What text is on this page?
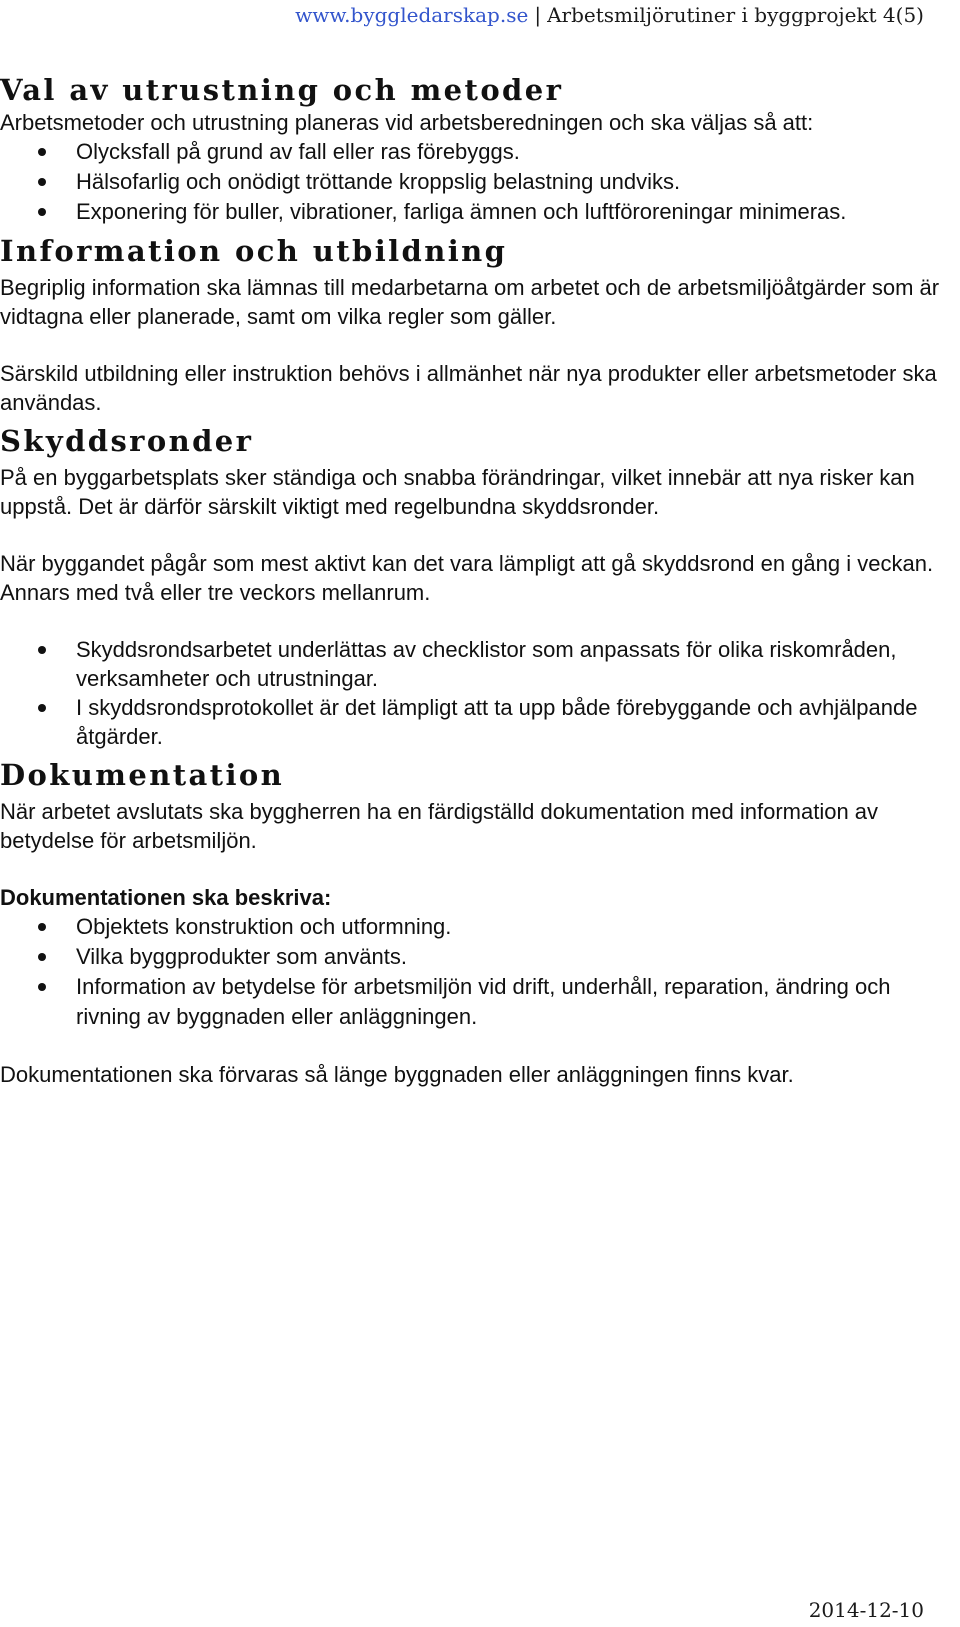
www.byggledarskap.se | Arbetsmiljörutiner i byggprojekt 4(5)
Val av utrustning och metoder

Arbetsmetoder och utrustning planeras vid arbetsberedningen och ska väljas så att:

Olycksfall på grund av fall eller ras förebyggs.
Hälsofarlig och onödigt tröttande kroppslig belastning undviks.
Exponering för buller, vibrationer, farliga ämnen och luftföroreningar minimeras.
Information och utbildning

Begriplig information ska lämnas till medarbetarna om arbetet och de arbetsmiljöåtgärder som är vidtagna eller planerade, samt om vilka regler som gäller.

Särskild utbildning eller instruktion behövs i allmänhet när nya produkter eller arbetsmetoder ska användas.

Skyddsronder

På en byggarbetsplats sker ständiga och snabba förändringar, vilket innebär att nya risker kan uppstå. Det är därför särskilt viktigt med regelbundna skyddsronder.

När byggandet pågår som mest aktivt kan det vara lämpligt att gå skyddsrond en gång i veckan. Annars med två eller tre veckors mellanrum.

Skyddsrondsarbetet underlättas av checklistor som anpassats för olika riskområden, verksamheter och utrustningar.
I skyddsrondsprotokollet är det lämpligt att ta upp både förebyggande och avhjälpande åtgärder.
Dokumentation

När arbetet avslutats ska byggherren ha en färdigställd dokumentation med information av betydelse för arbetsmiljön.

Dokumentationen ska beskriva:

Objektets konstruktion och utformning.
Vilka byggprodukter som använts.
Information av betydelse för arbetsmiljön vid drift, underhåll, reparation, ändring och rivning av byggnaden eller anläggningen.

Dokumentationen ska förvaras så länge byggnaden eller anläggningen finns kvar.

2014-12-10
